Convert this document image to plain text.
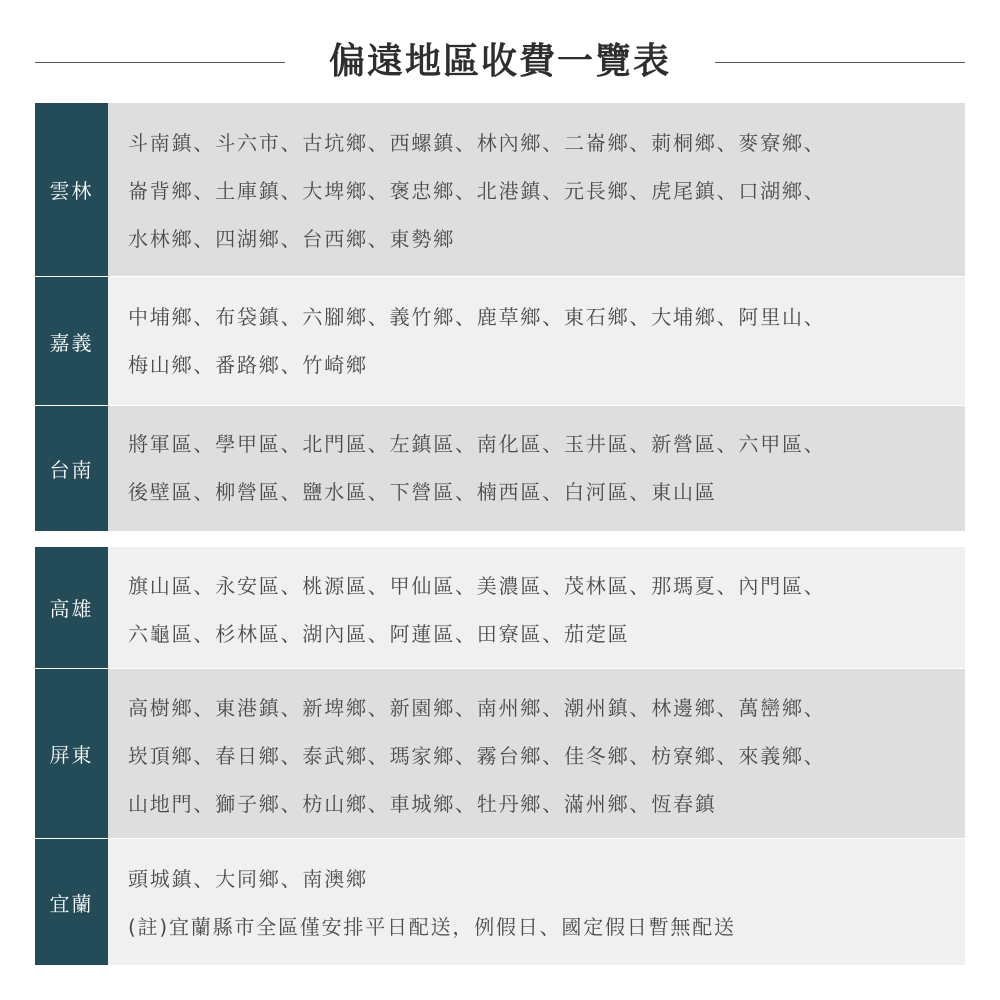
偏遠地區收費一覽表
雲林
斗南鎮、斗六市、古坑鄉、西螺鎮、林內鄉、二崙鄉、莿桐鄉、麥寮鄉、
崙背鄉、土庫鎮、大埤鄉、褒忠鄉、北港鎮、元長鄉、虎尾鎮、口湖鄉、
水林鄉、四湖鄉、台西鄉、東勢鄉
嘉義
中埔鄉、布袋鎮、六腳鄉、義竹鄉、鹿草鄉、東石鄉、大埔鄉、阿里山、
梅山鄉、番路鄉、竹崎鄉
台南
將軍區、學甲區、北門區、左鎮區、南化區、玉井區、新營區、六甲區、
後壁區、柳營區、鹽水區、下營區、楠西區、白河區、東山區
高雄
旗山區、永安區、桃源區、甲仙區、美濃區、茂林區、那瑪夏、內門區、
六龜區、杉林區、湖內區、阿蓮區、田寮區、茄萣區
屏東
高樹鄉、東港鎮、新埤鄉、新園鄉、南州鄉、潮州鎮、林邊鄉、萬巒鄉、
崁頂鄉、春日鄉、泰武鄉、瑪家鄉、霧台鄉、佳冬鄉、枋寮鄉、來義鄉、
山地門、獅子鄉、枋山鄉、車城鄉、牡丹鄉、滿州鄉、恆春鎮
宜蘭
頭城鎮、大同鄉、南澳鄉
(註)宜蘭縣市全區僅安排平日配送，例假日、國定假日暫無配送
